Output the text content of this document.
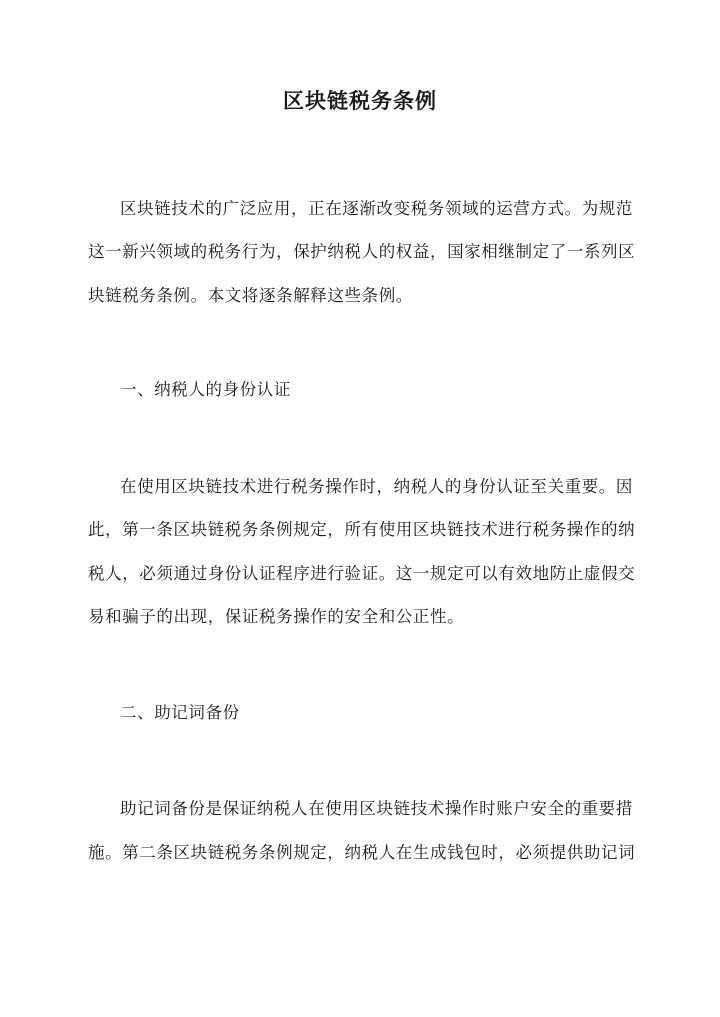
区块链税务条例
区块链技术的广泛应用，正在逐渐改变税务领域的运营方式。为规范
这一新兴领域的税务行为，保护纳税人的权益，国家相继制定了一系列区
块链税务条例。本文将逐条解释这些条例。
一、纳税人的身份认证
在使用区块链技术进行税务操作时，纳税人的身份认证至关重要。因
此，第一条区块链税务条例规定，所有使用区块链技术进行税务操作的纳
税人，必须通过身份认证程序进行验证。这一规定可以有效地防止虚假交
易和骗子的出现，保证税务操作的安全和公正性。
二、助记词备份
助记词备份是保证纳税人在使用区块链技术操作时账户安全的重要措
施。第二条区块链税务条例规定，纳税人在生成钱包时，必须提供助记词
